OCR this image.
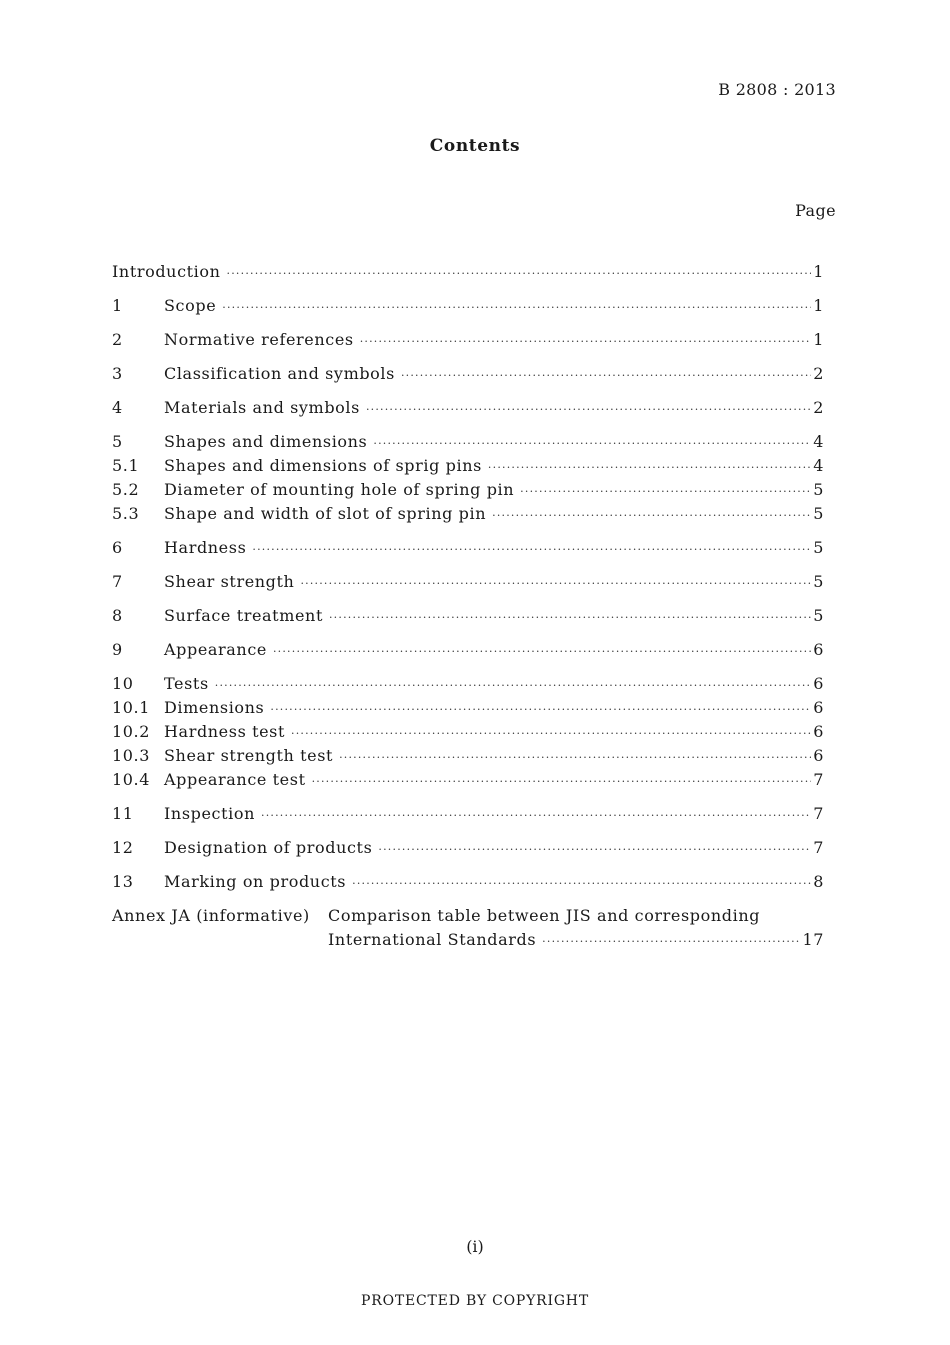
B 2808 : 2013
Contents
Page
Introduction ·····	1
1	Scope ·····	1
2	Normative references ·····	1
3	Classification and symbols ·····	2
4	Materials and symbols ·····	2
5	Shapes and dimensions ·····	4
5.1	Shapes and dimensions of sprig pins ·····	4
5.2	Diameter of mounting hole of spring pin ·····	5
5.3	Shape and width of slot of spring pin ·····	5
6	Hardness ·····	5
7	Shear strength ·····	5
8	Surface treatment ·····	5
9	Appearance ·····	6
10	Tests ·····	6
10.1 Dimensions ·····	6
10.2 Hardness test ·····	6
10.3 Shear strength test ·····	6
10.4 Appearance test ·····	7
11	Inspection ·····	7
12	Designation of products ·····	7
13	Marking on products ·····	8
Annex JA (informative)	Comparison table between JIS and corresponding
International Standards ·····	17
(i)
PROTECTED BY COPYRIGHT
